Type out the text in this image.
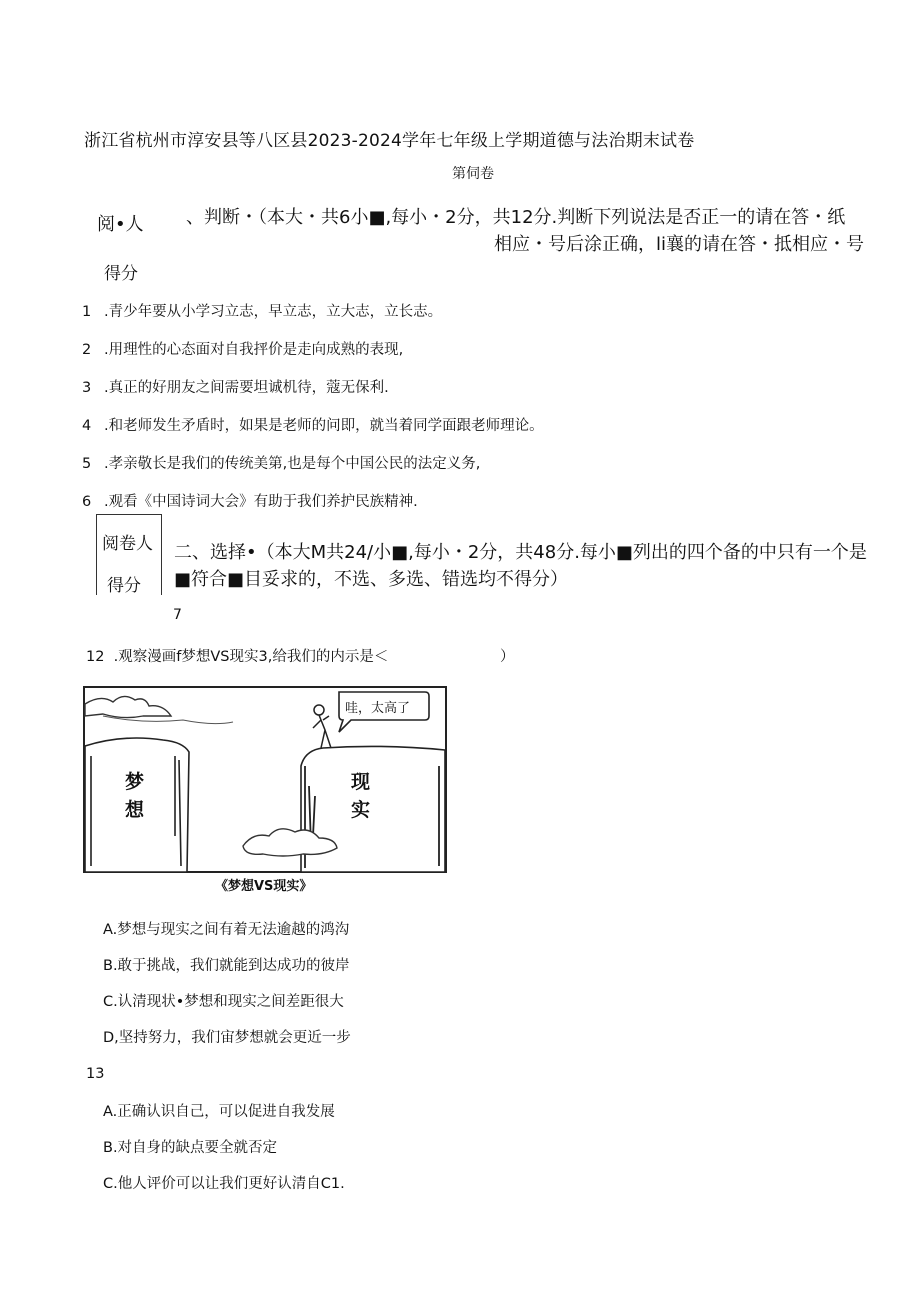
浙江省杭州市淳安县等八区县2023-2024学年七年级上学期道德与法治期末试卷
第伺卷
阅•人
得分
、判断・（本大・共6小■,每小・2分，共12分.判断下列说法是否正一的请在答・纸
相应・号后涂正确，li襄的请在答・抵相应・号
1 .青少年要从小学习立志，早立志，立大志，立长志。
2 .用理性的心态面对自我抨价是走向成熟的表现,
3 .真正的好朋友之间需要坦诚机待，蔻无保利.
4 .和老师发生矛盾时，如果是老师的问即，就当着同学面跟老师理论。
5 .孝亲敬长是我们的传统美第,也是每个中国公民的法定义务,
6 .观看《中国诗词大会》有助于我们养护民族精神.
阅卷人
得分
二、选择•（本大M共24/小■,每小・2分，共48分.每小■列出的四个备的中只有一个是
■符合■目妥求的，不选、多选、错选均不得分）
7
12 .观察漫画f梦想VS现实3,给我们的内示是＜	）
哇，太高了
梦
想
现
实
《梦想VS现实》
A.梦想与现实之间有着无法逾越的鸿沟
B.敢于挑战，我们就能到达成功的彼岸
C.认清现状•梦想和现实之间差距很大
D,坚持努力，我们宙梦想就会更近一步
13
A.正确认识自己，可以促进自我发展
B.对自身的缺点要全就否定
C.他人评价可以让我们更好认清自C1.
